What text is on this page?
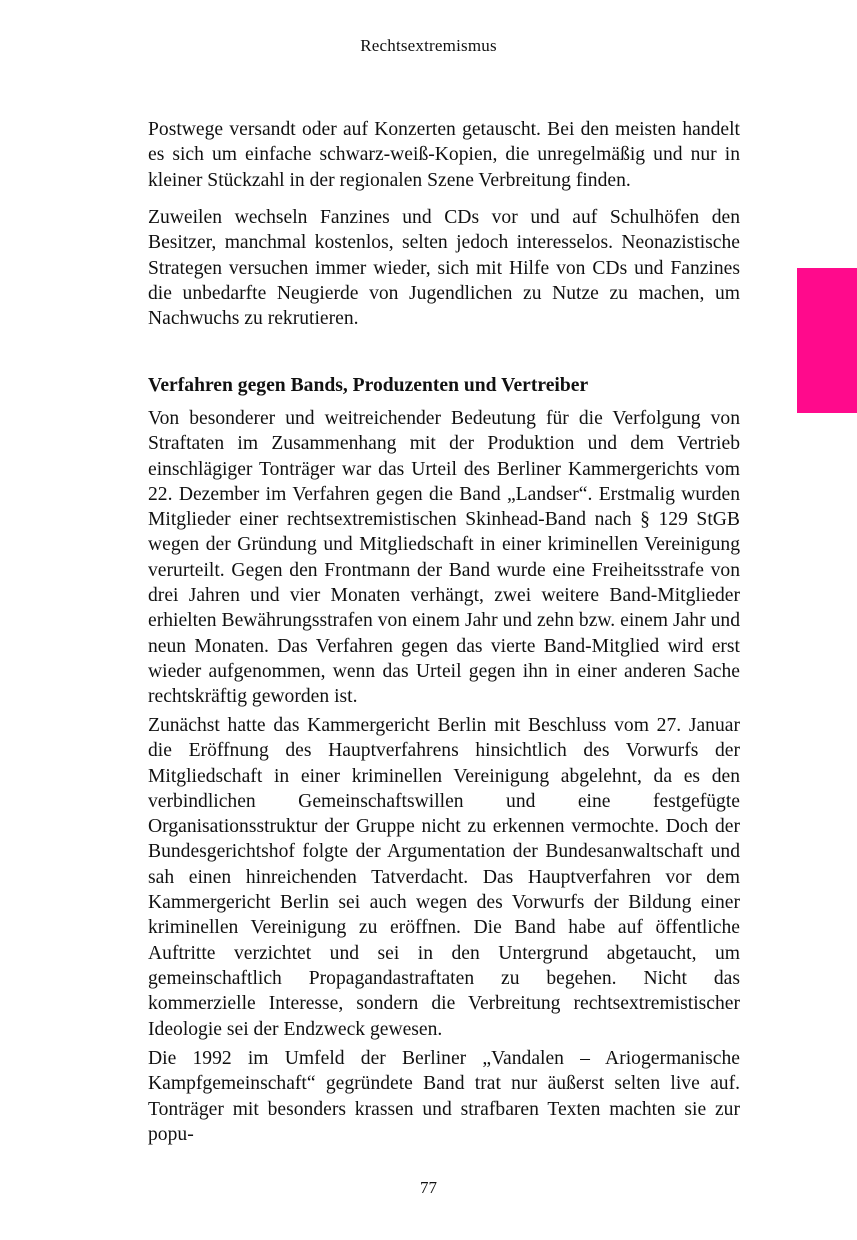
Rechtsextremismus

Postwege versandt oder auf Konzerten getauscht. Bei den meisten handelt es sich um einfache schwarz-weiß-Kopien, die unregelmäßig und nur in kleiner Stückzahl in der regionalen Szene Verbreitung finden.

Zuweilen wechseln Fanzines und CDs vor und auf Schulhöfen den Besitzer, manchmal kostenlos, selten jedoch interesselos. Neonazistische Strategen versuchen immer wieder, sich mit Hilfe von CDs und Fanzines die unbedarfte Neugierde von Jugendlichen zu Nutze zu machen, um Nachwuchs zu rekrutieren.

Verfahren gegen Bands, Produzenten und Vertreiber

Von besonderer und weitreichender Bedeutung für die Verfolgung von Straftaten im Zusammenhang mit der Produktion und dem Vertrieb einschlägiger Tonträger war das Urteil des Berliner Kammergerichts vom 22. Dezember im Verfahren gegen die Band „Landser“. Erstmalig wurden Mitglieder einer rechtsextremistischen Skinhead-Band nach § 129 StGB wegen der Gründung und Mitgliedschaft in einer kriminellen Vereinigung verurteilt. Gegen den Frontmann der Band wurde eine Freiheitsstrafe von drei Jahren und vier Monaten verhängt, zwei weitere Band-Mitglieder erhielten Bewährungsstrafen von einem Jahr und zehn bzw. einem Jahr und neun Monaten. Das Verfahren gegen das vierte Band-Mitglied wird erst wieder aufgenommen, wenn das Urteil gegen ihn in einer anderen Sache rechtskräftig geworden ist.

Zunächst hatte das Kammergericht Berlin mit Beschluss vom 27. Januar die Eröffnung des Hauptverfahrens hinsichtlich des Vorwurfs der Mitgliedschaft in einer kriminellen Vereinigung abgelehnt, da es den verbindlichen Gemeinschaftswillen und eine festgefügte Organisationsstruktur der Gruppe nicht zu erkennen vermochte. Doch der Bundesgerichtshof folgte der Argumentation der Bundesanwaltschaft und sah einen hinreichenden Tatverdacht. Das Hauptverfahren vor dem Kammergericht Berlin sei auch wegen des Vorwurfs der Bildung einer kriminellen Vereinigung zu eröffnen. Die Band habe auf öffentliche Auftritte verzichtet und sei in den Untergrund abgetaucht, um gemeinschaftlich Propagandastraftaten zu begehen. Nicht das kommerzielle Interesse, sondern die Verbreitung rechtsextremistischer Ideologie sei der Endzweck gewesen.

Die 1992 im Umfeld der Berliner „Vandalen – Ariogermanische Kampfgemeinschaft“ gegründete Band trat nur äußerst selten live auf. Tonträger mit besonders krassen und strafbaren Texten machten sie zur popu-

77
